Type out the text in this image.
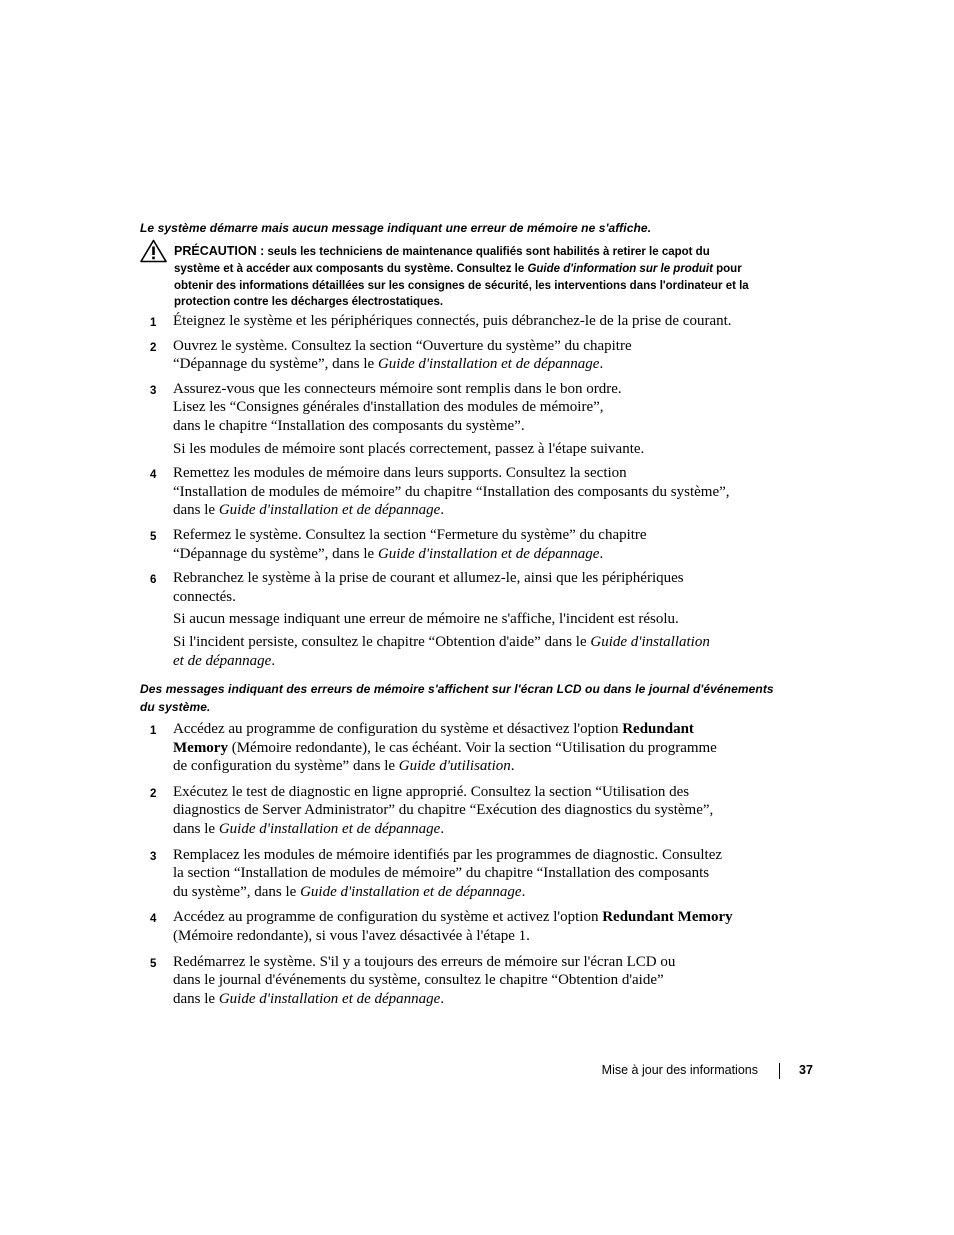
Le système démarre mais aucun message indiquant une erreur de mémoire ne s'affiche.

PRÉCAUTION : seuls les techniciens de maintenance qualifiés sont habilités à retirer le capot du système et à accéder aux composants du système. Consultez le Guide d'information sur le produit pour obtenir des informations détaillées sur les consignes de sécurité, les interventions dans l'ordinateur et la protection contre les décharges électrostatiques.

1 Éteignez le système et les périphériques connectés, puis débranchez-le de la prise de courant.

2 Ouvrez le système. Consultez la section “Ouverture du système” du chapitre
“Dépannage du système”, dans le Guide d'installation et de dépannage.

3 Assurez-vous que les connecteurs mémoire sont remplis dans le bon ordre.
Lisez les “Consignes générales d'installation des modules de mémoire”,
dans le chapitre “Installation des composants du système”.

Si les modules de mémoire sont placés correctement, passez à l'étape suivante.

4 Remettez les modules de mémoire dans leurs supports. Consultez la section
“Installation de modules de mémoire” du chapitre “Installation des composants du système”,
dans le Guide d'installation et de dépannage.

5 Refermez le système. Consultez la section “Fermeture du système” du chapitre
“Dépannage du système”, dans le Guide d'installation et de dépannage.

6 Rebranchez le système à la prise de courant et allumez-le, ainsi que les périphériques
connectés.

Si aucun message indiquant une erreur de mémoire ne s'affiche, l'incident est résolu.

Si l'incident persiste, consultez le chapitre “Obtention d'aide” dans le Guide d'installation
et de dépannage.

Des messages indiquant des erreurs de mémoire s'affichent sur l'écran LCD ou dans le journal d'événements du système.
1 Accédez au programme de configuration du système et désactivez l'option Redundant
Memory (Mémoire redondante), le cas échéant. Voir la section “Utilisation du programme
de configuration du système” dans le Guide d'utilisation.

2 Exécutez le test de diagnostic en ligne approprié. Consultez la section “Utilisation des
diagnostics de Server Administrator” du chapitre “Exécution des diagnostics du système”,
dans le Guide d'installation et de dépannage.

3 Remplacez les modules de mémoire identifiés par les programmes de diagnostic. Consultez
la section “Installation de modules de mémoire” du chapitre “Installation des composants
du système”, dans le Guide d'installation et de dépannage.

4 Accédez au programme de configuration du système et activez l'option Redundant Memory
(Mémoire redondante), si vous l'avez désactivée à l'étape 1.

5 Redémarrez le système. S'il y a toujours des erreurs de mémoire sur l'écran LCD ou
dans le journal d'événements du système, consultez le chapitre “Obtention d'aide”
dans le Guide d'installation et de dépannage.

Mise à jour des informations	37
